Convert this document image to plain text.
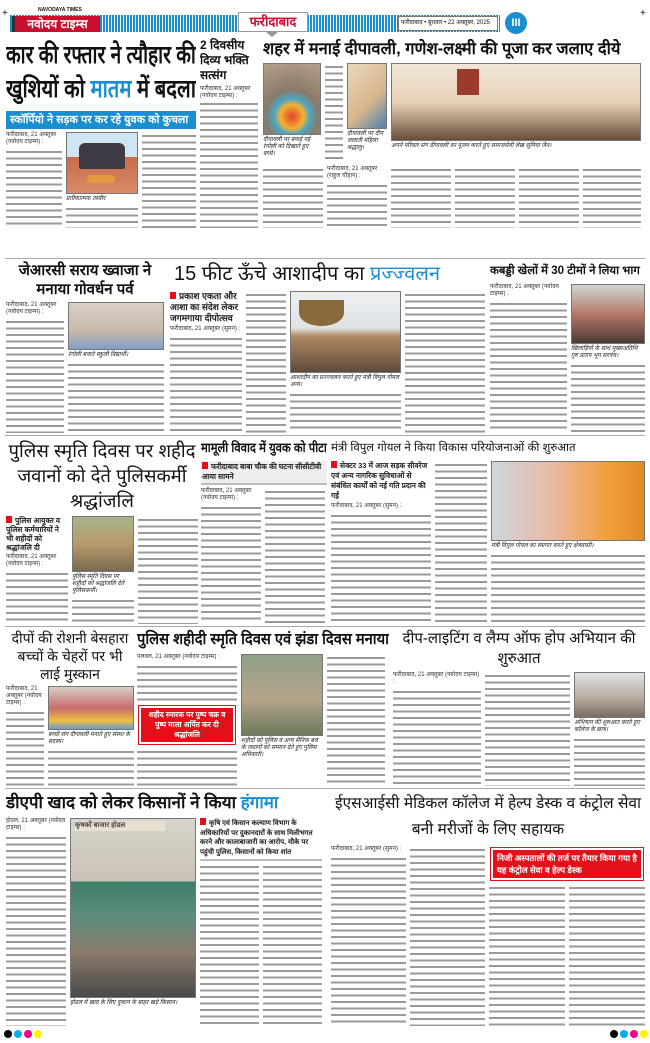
+	NAVODAYA TIMES
नवोदय टाइम्स	फरीदाबाद	फरीदाबाद • बुधवार • 22 अक्तूबर, 2025	III
+
कार की रफ्तार ने त्यौहार की
खुशियों को मातम में बदला
स्कॉर्पियो ने सड़क पर कर रहे युवक को कुचला
फरीदाबाद, 21 अक्तूबर (नवोदय टाइम्स) :
प्रतीकात्मक तस्वीर
2 दिवसीय दिव्य भक्ति सत्संग
फरीदाबाद, 21 अक्तूबर (नवोदय टाइम्स) :
शहर में मनाई दीपावली, गणेश-लक्ष्मी की पूजा कर जलाए दीये
दीपावली पर बनाई गई रंगोली को दिखाते हुए बच्चे।
दीपावली पर दीप जलाती महिला श्रद्धालु।	अपने परिवार संग दीपावली का पूजन करते हुए समाजसेवी लेख सुनिया जैन।
फरीदाबाद, 21 अक्तूबर (राहुल चौहान) :
जेआरसी सराय ख्वाजा ने मनाया गोवर्धन पर्व
फरीदाबाद, 21 अक्तूबर (नवोदय टाइम्स) :
रंगोली बनाते स्कूली विद्यार्थी।
15 फीट ऊँचे आशादीप का प्रज्ज्वलन
प्रकाश एकता और आशा का संदेश लेकर जगमगाया दीपोत्सव
फरीदाबाद, 21 अक्तूबर (सुमन) :
आशादीप का प्रज्ज्वलन करते हुए मंत्री विपुल गोयल अन्य।
कबड्डी खेलों में 30 टीमों ने लिया भाग
फरीदाबाद, 21 अक्तूबर (नवोदय टाइम्स) :
खिलाड़ियों के साथ मुख्यअतिथि गुरु प्रताप भूप सरपंच।
पुलिस स्मृति दिवस पर शहीद जवानों को देते पुलिसकर्मी श्रद्धांजलि
पुलिस आयुक्त व पुलिस कर्मचारियों ने भी शहीदों को श्रद्धांजलि दी
फरीदाबाद, 21 अक्तूबर (नवोदय टाइम्स) :
पुलिस स्मृति दिवस पर शहीदों को श्रद्धांजलि देते पुलिसकर्मी।
मामूली विवाद में युवक को पीटा
फरीदाबाद बाबा चौक की घटना सीसीटीवी आया सामने
फरीदाबाद, 21 अक्तूबर (नवोदय टाइम्स) :
मंत्री विपुल गोयल ने किया विकास परियोजनाओं की शुरुआत
सेक्टर 33 में आज सड़क सीवरेज एवं अन्य नागरिक सुविधाओं से संबंधित कार्यों को नई गति प्रदान की गई
फरीदाबाद, 21 अक्तूबर (सुमन) :
मंत्री विपुल गोयल का स्वागत करते हुए क्षेत्रवासी।
दीपों की रोशनी बेसहारा बच्चों के चेहरों पर भी लाई मुस्कान
फरीदाबाद, 21 अक्तूबर (नवोदय टाइम्स) :
बच्चों संग दीपावली मनाते हुए संस्था के सदस्य।
पुलिस शहीदी स्मृति दिवस एवं झंडा दिवस मनाया
पलवल, 21 अक्तूबर (नवोदय टाइम्स) :
शहीद स्मारक पर पुष्प चक्र व पुष्प माला अर्पित कर दी श्रद्धांजलि
शहीदों को पुलिस व अन्य सैनिक बल के जवानों को सम्मान देते हुए पुलिस अधिकारी।
दीप-लाइटिंग व लैम्प ऑफ होप अभियान की शुरुआत
फरीदाबाद, 21 अक्तूबर (नवोदय टाइम्स) :
अभियान की शुरुआत करते हुए कॉलेज के छात्र।
डीएपी खाद को लेकर किसानों ने किया हंगामा
होडल, 21 अक्तूबर (नवोदय टाइम्स) :	कृषकों बाजार होडल
होडल में खाद के लिए दुकान के बाहर खड़े किसान।
कृषि एवं किसान कल्याण विभाग के अधिकारियों पर दुकानदारों के साथ मिलीभगत करने और कालाबाजारी का आरोप, मौके पर पहुंची पुलिस, किसानों को किया शांत
ईएसआईसी मेडिकल कॉलेज में हेल्प डेस्क व कंट्रोल सेवा बनी मरीजों के लिए सहायक
फरीदाबाद, 21 अक्तूबर (सुमन) :
निजी अस्पतालों की तर्ज पर तैयार किया गया है यह कंट्रोल सेवा व हेल्प डेस्क
